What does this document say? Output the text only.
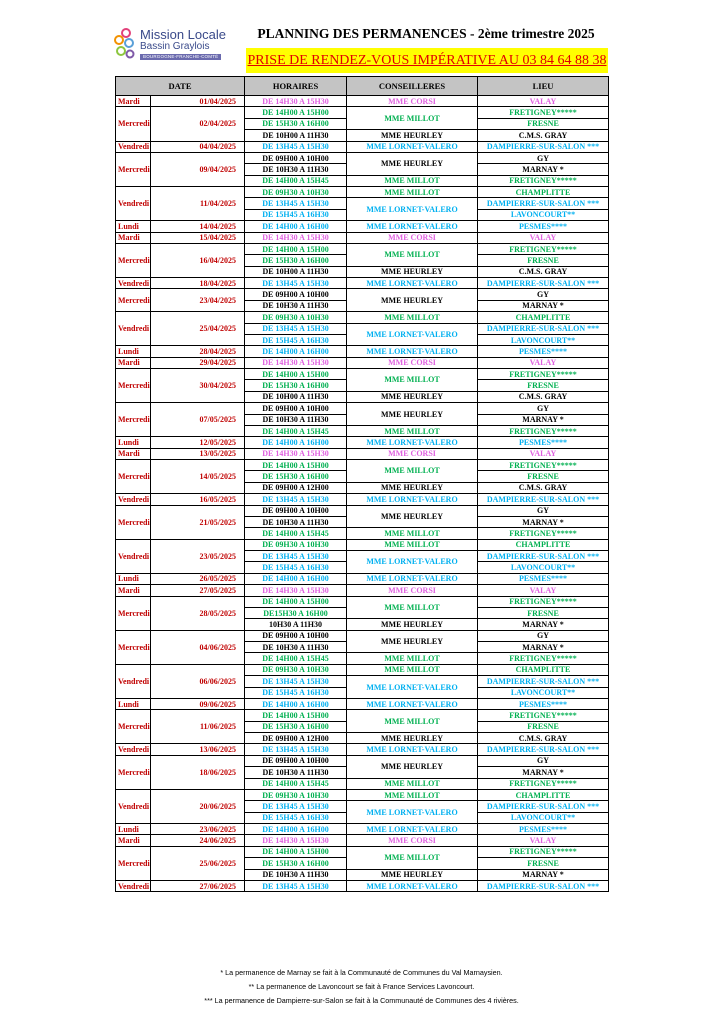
Mission Locale
Bassin Graylois
BOURGOGNE-FRANCHE-COMTÉ
PLANNING DES PERMANENCES - 2ème trimestre 2025
PRISE DE RENDEZ-VOUS IMPÉRATIVE AU 03 84 64 88 38
DATE		HORAIRES	CONSEILLERES	LIEU
Mardi	01/04/2025	DE 14H30 A 15H30	MME CORSI	VALAY
Mercredi	02/04/2025	DE 14H00 A 15H00	MME MILLOT	FRETIGNEY*****
		DE 15H30 A 16H00		FRESNE
		DE 10H00 A 11H30	MME HEURLEY	C.M.S. GRAY
Vendredi	04/04/2025	DE 13H45 A 15H30	MME LORNET-VALERO	DAMPIERRE-SUR-SALON ***
Mercredi	09/04/2025	DE 09H00 A 10H00	MME HEURLEY	GY
		DE 10H30 A 11H30		MARNAY *
		DE 14H00 A 15H45	MME MILLOT	FRETIGNEY*****
Vendredi	11/04/2025	DE 09H30 A 10H30	MME MILLOT	CHAMPLITTE
		DE 13H45 A 15H30	MME LORNET-VALERO	DAMPIERRE-SUR-SALON ***
		DE 15H45 A 16H30		LAVONCOURT**
Lundi	14/04/2025	DE 14H00 A 16H00	MME LORNET-VALERO	PESMES****
Mardi	15/04/2025	DE 14H30 A 15H30	MME CORSI	VALAY
Mercredi	16/04/2025	DE 14H00 A 15H00	MME MILLOT	FRETIGNEY*****
		DE 15H30 A 16H00		FRESNE
		DE 10H00 A 11H30	MME HEURLEY	C.M.S. GRAY
Vendredi	18/04/2025	DE 13H45 A 15H30	MME LORNET-VALERO	DAMPIERRE-SUR-SALON ***
Mercredi	23/04/2025	DE 09H00 A 10H00	MME HEURLEY	GY
		DE 10H30 A 11H30		MARNAY *
Vendredi	25/04/2025	DE 09H30 A 10H30	MME MILLOT	CHAMPLITTE
		DE 13H45 A 15H30	MME LORNET-VALERO	DAMPIERRE-SUR-SALON ***
		DE 15H45 A 16H30		LAVONCOURT**
Lundi	28/04/2025	DE 14H00 A 16H00	MME LORNET-VALERO	PESMES****
Mardi	29/04/2025	DE 14H30 A 15H30	MME CORSI	VALAY
Mercredi	30/04/2025	DE 14H00 A 15H00	MME MILLOT	FRETIGNEY*****
		DE 15H30 A 16H00		FRESNE
		DE 10H00 A 11H30	MME HEURLEY	C.M.S. GRAY
Mercredi	07/05/2025	DE 09H00 A 10H00	MME HEURLEY	GY
		DE 10H30 A 11H30		MARNAY *
		DE 14H00 A 15H45	MME MILLOT	FRETIGNEY*****
Lundi	12/05/2025	DE 14H00 A 16H00	MME LORNET-VALERO	PESMES****
Mardi	13/05/2025	DE 14H30 A 15H30	MME CORSI	VALAY
Mercredi	14/05/2025	DE 14H00 A 15H00	MME MILLOT	FRETIGNEY*****
		DE 15H30 A 16H00		FRESNE
		DE 09H00 A 12H00	MME HEURLEY	C.M.S. GRAY
Vendredi	16/05/2025	DE 13H45 A 15H30	MME LORNET-VALERO	DAMPIERRE-SUR-SALON ***
Mercredi	21/05/2025	DE 09H00 A 10H00	MME HEURLEY	GY
		DE 10H30 A 11H30		MARNAY *
		DE 14H00 A 15H45	MME MILLOT	FRETIGNEY*****
Vendredi	23/05/2025	DE 09H30 A 10H30	MME MILLOT	CHAMPLITTE
		DE 13H45 A 15H30	MME LORNET-VALERO	DAMPIERRE-SUR-SALON ***
		DE 15H45 A 16H30		LAVONCOURT**
Lundi	26/05/2025	DE 14H00 A 16H00	MME LORNET-VALERO	PESMES****
Mardi	27/05/2025	DE 14H30 A 15H30	MME CORSI	VALAY
Mercredi	28/05/2025	DE 14H00 A 15H00	MME MILLOT	FRETIGNEY*****
		DE15H30 A 16H00		FRESNE
		10H30 A 11H30	MME HEURLEY	MARNAY *
Mercredi	04/06/2025	DE 09H00 A 10H00	MME HEURLEY	GY
		DE 10H30 A 11H30		MARNAY *
		DE 14H00 A 15H45	MME MILLOT	FRETIGNEY*****
Vendredi	06/06/2025	DE 09H30 A 10H30	MME MILLOT	CHAMPLITTE
		DE 13H45 A 15H30	MME LORNET-VALERO	DAMPIERRE-SUR-SALON ***
		DE 15H45 A 16H30		LAVONCOURT**
Lundi	09/06/2025	DE 14H00 A 16H00	MME LORNET-VALERO	PESMES****
Mercredi	11/06/2025	DE 14H00 A 15H00	MME MILLOT	FRETIGNEY*****
		DE 15H30 A 16H00		FRESNE
		DE 09H00 A 12H00	MME HEURLEY	C.M.S. GRAY
Vendredi	13/06/2025	DE 13H45 A 15H30	MME LORNET-VALERO	DAMPIERRE-SUR-SALON ***
Mercredi	18/06/2025	DE 09H00 A 10H00	MME HEURLEY	GY
		DE 10H30 A 11H30		MARNAY *
		DE 14H00 A 15H45	MME MILLOT	FRETIGNEY*****
Vendredi	20/06/2025	DE 09H30 A 10H30	MME MILLOT	CHAMPLITTE
		DE 13H45 A 15H30	MME LORNET-VALERO	DAMPIERRE-SUR-SALON ***
		DE 15H45 A 16H30		LAVONCOURT**
Lundi	23/06/2025	DE 14H00 A 16H00	MME LORNET-VALERO	PESMES****
Mardi	24/06/2025	DE 14H30 A 15H30	MME CORSI	VALAY
Mercredi	25/06/2025	DE 14H00 A 15H00	MME MILLOT	FRETIGNEY*****
		DE 15H30 A 16H00		FRESNE
		DE 10H30 A 11H30	MME HEURLEY	MARNAY *
Vendredi	27/06/2025	DE 13H45 A 15H30	MME LORNET-VALERO	DAMPIERRE-SUR-SALON ***
* La permanence de Marnay se fait à la Communauté de Communes du Val Marnaysien.
** La permanence de Lavoncourt se fait à France Services Lavoncourt.
*** La permanence de Dampierre-sur-Salon se fait à la Communauté de Communes des 4 rivières.
